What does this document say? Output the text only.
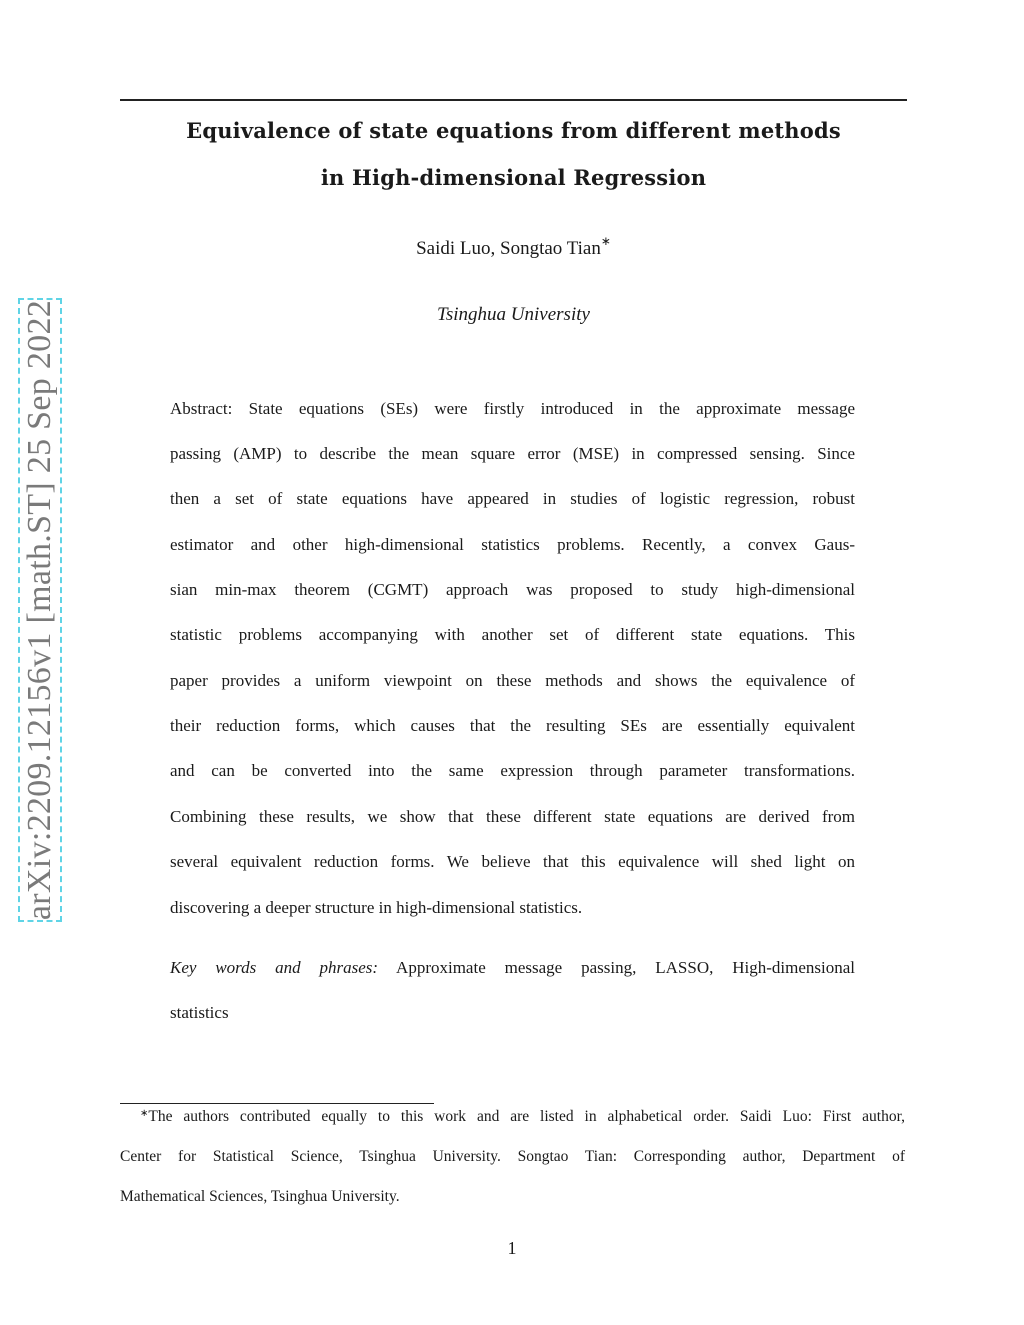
Equivalence of state equations from different methods
in High-dimensional Regression
Saidi Luo, Songtao Tian∗
Tsinghua University
Abstract: State equations (SEs) were firstly introduced in the approximate message
passing (AMP) to describe the mean square error (MSE) in compressed sensing. Since
then a set of state equations have appeared in studies of logistic regression, robust
estimator and other high-dimensional statistics problems. Recently, a convex Gaus-
sian min-max theorem (CGMT) approach was proposed to study high-dimensional
statistic problems accompanying with another set of different state equations. This
paper provides a uniform viewpoint on these methods and shows the equivalence of
their reduction forms, which causes that the resulting SEs are essentially equivalent
and can be converted into the same expression through parameter transformations.
Combining these results, we show that these different state equations are derived from
several equivalent reduction forms. We believe that this equivalence will shed light on
discovering a deeper structure in high-dimensional statistics.
Key words and phrases: Approximate message passing, LASSO, High-dimensional
statistics
∗The authors contributed equally to this work and are listed in alphabetical order. Saidi Luo: First author,
Center for Statistical Science, Tsinghua University. Songtao Tian: Corresponding author, Department of
Mathematical Sciences, Tsinghua University.
1
arXiv:2209.12156v1 [math.ST] 25 Sep 2022
